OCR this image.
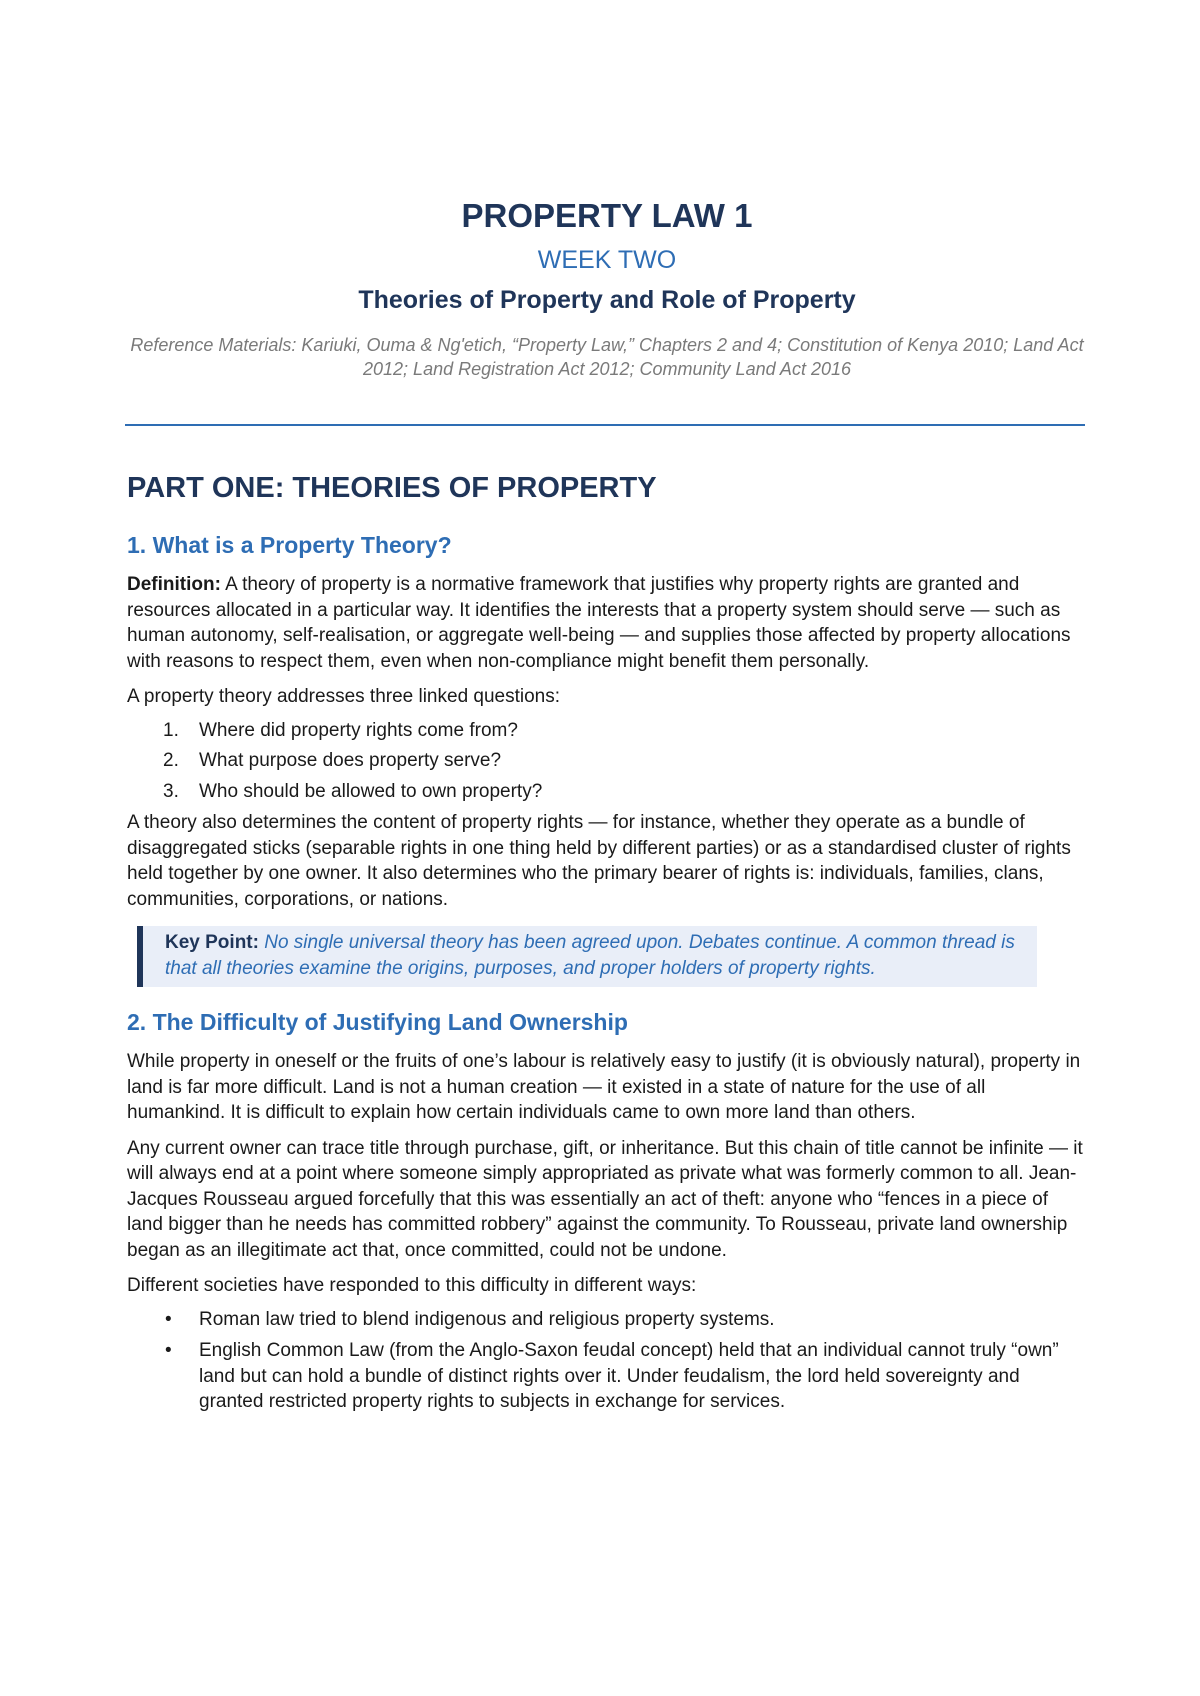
PROPERTY LAW 1
WEEK TWO
Theories of Property and Role of Property
Reference Materials: Kariuki, Ouma & Ng'etich, “Property Law,” Chapters 2 and 4; Constitution of Kenya 2010; Land Act 2012; Land Registration Act 2012; Community Land Act 2016
PART ONE: THEORIES OF PROPERTY
1. What is a Property Theory?

Definition: A theory of property is a normative framework that justifies why property rights are granted and resources allocated in a particular way. It identifies the interests that a property system should serve — such as human autonomy, self-realisation, or aggregate well-being — and supplies those affected by property allocations with reasons to respect them, even when non-compliance might benefit them personally.

A property theory addresses three linked questions:

1. Where did property rights come from?
2. What purpose does property serve?
3. Who should be allowed to own property?

A theory also determines the content of property rights — for instance, whether they operate as a bundle of disaggregated sticks (separable rights in one thing held by different parties) or as a standardised cluster of rights held together by one owner. It also determines who the primary bearer of rights is: individuals, families, clans, communities, corporations, or nations.

Key Point: No single universal theory has been agreed upon. Debates continue. A common thread is that all theories examine the origins, purposes, and proper holders of property rights.

2. The Difficulty of Justifying Land Ownership

While property in oneself or the fruits of one’s labour is relatively easy to justify (it is obviously natural), property in land is far more difficult. Land is not a human creation — it existed in a state of nature for the use of all humankind. It is difficult to explain how certain individuals came to own more land than others.

Any current owner can trace title through purchase, gift, or inheritance. But this chain of title cannot be infinite — it will always end at a point where someone simply appropriated as private what was formerly common to all. Jean-Jacques Rousseau argued forcefully that this was essentially an act of theft: anyone who “fences in a piece of land bigger than he needs has committed robbery” against the community. To Rousseau, private land ownership began as an illegitimate act that, once committed, could not be undone.

Different societies have responded to this difficulty in different ways:

• Roman law tried to blend indigenous and religious property systems.
• English Common Law (from the Anglo-Saxon feudal concept) held that an individual cannot truly “own” land but can hold a bundle of distinct rights over it. Under feudalism, the lord held sovereignty and granted restricted property rights to subjects in exchange for services.
